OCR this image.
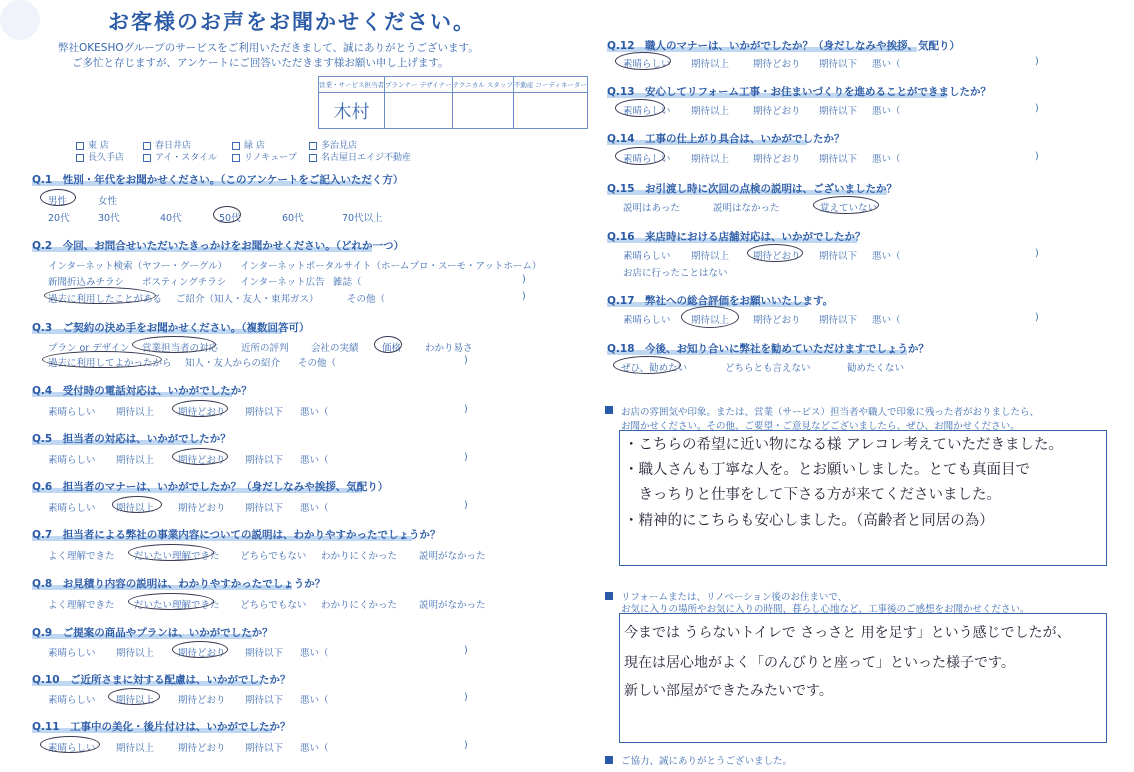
お客様のお声をお聞かせください。
弊社OKESHOグループのサービスをご利用いただきまして、誠にありがとうございます。
ご多忙と存じますが、アンケートにご回答いただきます様お願い申し上げます。
営業・サービス担当者	プランナー デザイナー	テクニカル スタッフ	不動産 コーディネーター
木村			
東 店	春日井店	緑 店	多治見店
長久手店	アイ・スタイル	リノキューブ	名古屋日エイジ不動産
Q.1　性別・年代をお聞かせください。（このアンケートをご記入いただく方）
男性	女性
20代	30代	40代	50代	60代	70代以上
Q.2　今回、お問合せいただいたきっかけをお聞かせください。（どれか一つ）
インターネット検索（ヤフー・グーグル） インターネットポータルサイト（ホームプロ・スーモ・アットホーム）
新聞折込みチラシ ポスティングチラシ インターネット広告 雑誌（	)
過去に利用したことがある ご紹介（知人・友人・東邦ガス）	その他（	)
Q.3　ご契約の決め手をお聞かせください。（複数回答可）
プラン or デザイン 営業担当者の対応 近所の評判 会社の実績 価格	わかり易さ
過去に利用してよかったから 知人・友人からの紹介 その他（	)
Q.4　受付時の電話対応は、いかがでしたか？
素晴らしい 期待以上	期待どおり 期待以下 悪い（	)
Q.5　担当者の対応は、いかがでしたか？
素晴らしい 期待以上	期待どおり 期待以下 悪い（	)
Q.6　担当者のマナーは、いかがでしたか？（身だしなみや挨拶、気配り）
素晴らしい 期待以上	期待どおり 期待以下 悪い（	)
Q.7　担当者による弊社の事業内容についての説明は、わかりやすかったでしょうか？
よく理解できた だいたい理解できた どちらでもない わかりにくかった 説明がなかった
Q.8　お見積り内容の説明は、わかりやすかったでしょうか？
よく理解できた だいたい理解できた どちらでもない わかりにくかった 説明がなかった
Q.9　ご提案の商品やプランは、いかがでしたか？
素晴らしい 期待以上	期待どおり 期待以下 悪い（	)
Q.10　ご近所さまに対する配慮は、いかがでしたか？
素晴らしい 期待以上	期待どおり 期待以下 悪い（	)
Q.11　工事中の美化・後片付けは、いかがでしたか？
素晴らしい 期待以上	期待どおり 期待以下 悪い（	)
Q.12　職人のマナーは、いかがでしたか？（身だしなみや挨拶、気配り）
素晴らしい 期待以上	期待どおり 期待以下 悪い（	)
Q.13　安心してリフォーム工事・お住まいづくりを進めることができましたか？
素晴らしい 期待以上	期待どおり 期待以下 悪い（	)
Q.14　工事の仕上がり具合は、いかがでしたか？
素晴らしい 期待以上	期待どおり 期待以下 悪い（	)
Q.15　お引渡し時に次回の点検の説明は、ございましたか？
説明はあった	説明はなかった	覚えていない
Q.16　来店時における店舗対応は、いかがでしたか？
素晴らしい 期待以上	期待どおり 期待以下 悪い（	)
お店に行ったことはない
Q.17　弊社への総合評価をお願いいたします。
素晴らしい 期待以上	期待どおり 期待以下 悪い（	)
Q.18　今後、お知り合いに弊社を勧めていただけますでしょうか？
ぜひ、勧めたい	どちらとも言えない	勧めたくない
お店の雰囲気や印象。または、営業（サービス）担当者や職人で印象に残った者がおりましたら、
お聞かせください。その他、ご要望・ご意見などございましたら、ぜひ、お聞かせください。
・こちらの希望に近い物になる様 アレコレ考えていただきました。
・職人さんも丁寧な人を。とお願いしました。とても真面目で
　きっちりと仕事をして下さる方が来てくださいました。
・精神的にこちらも安心しました。（高齢者と同居の為）
リフォームまたは、リノベーション後のお住まいで、
お気に入りの場所やお気に入りの時間、暮らし心地など、工事後のご感想をお聞かせください。
今までは うらないトイレで さっさと 用を足す」という感じでしたが、
現在は居心地がよく「のんびりと座って」といった様子です。
新しい部屋ができたみたいです。
ご協力、誠にありがとうございました。
